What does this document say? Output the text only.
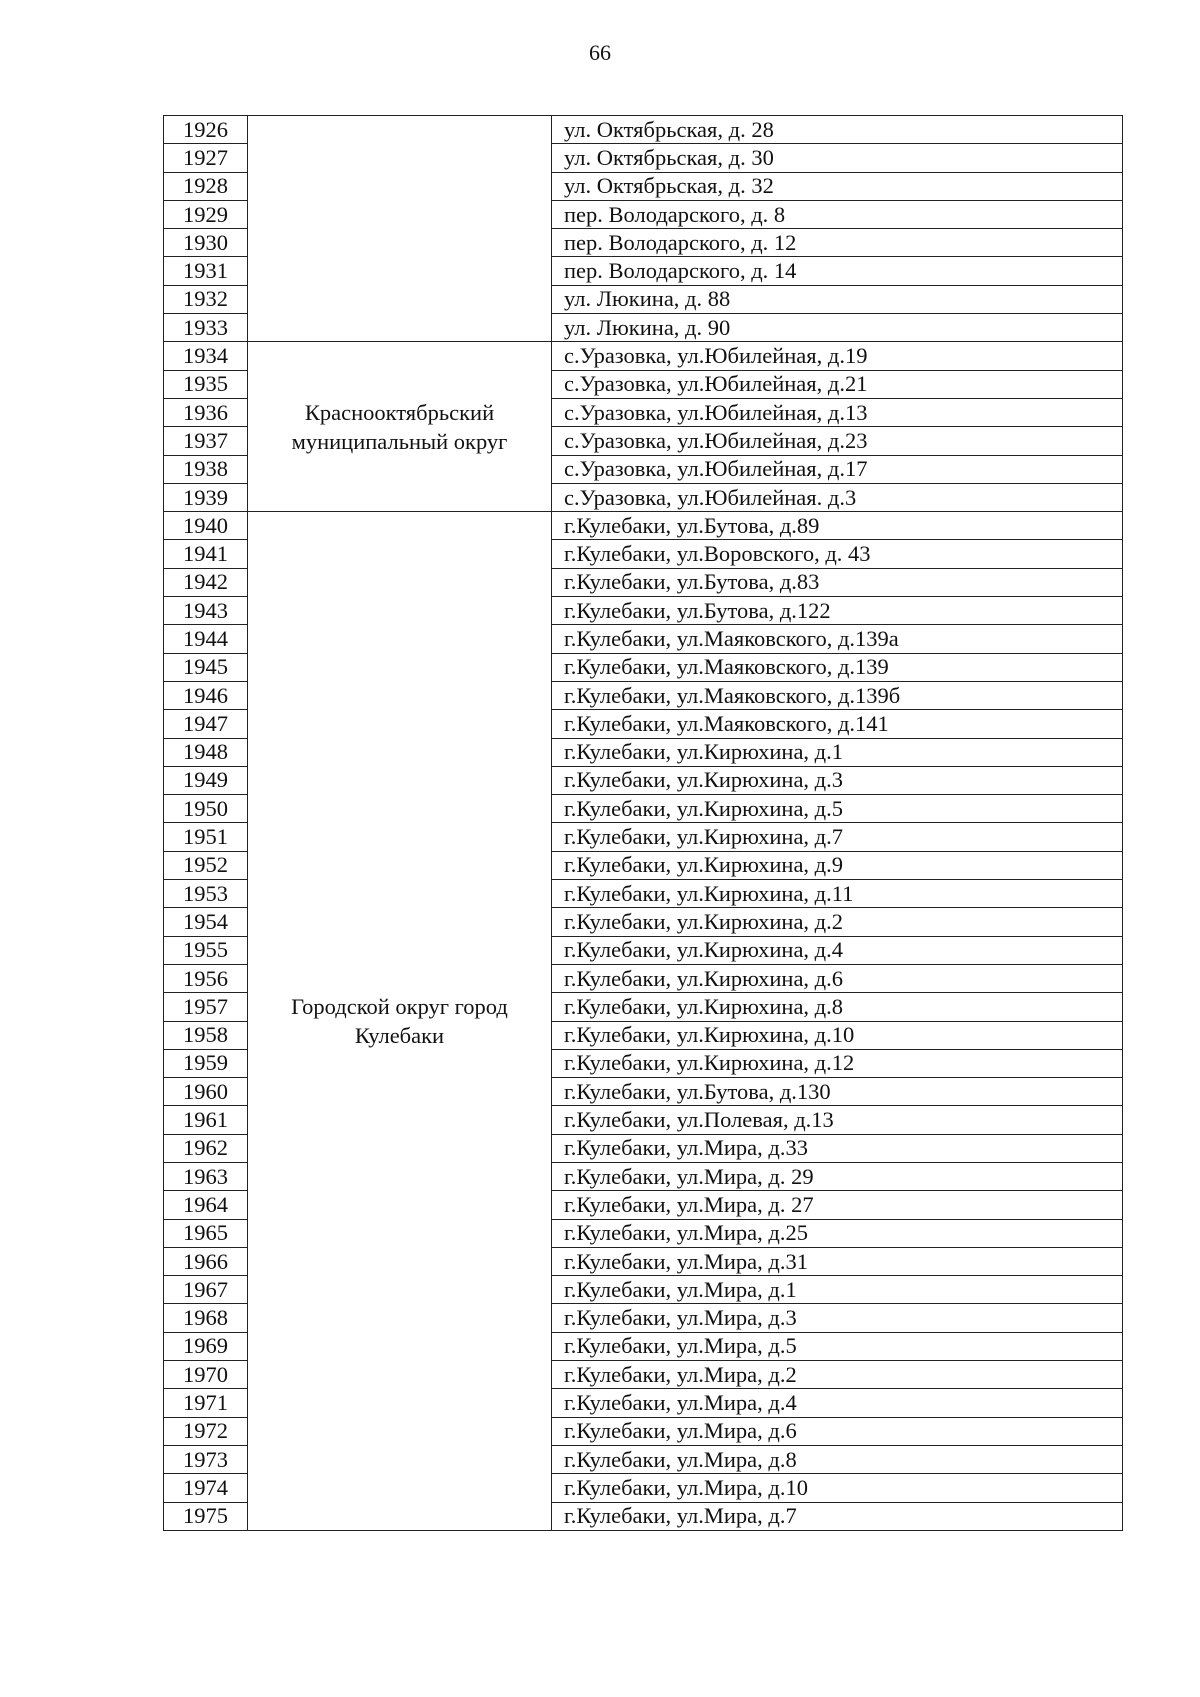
66
1926		ул. Октябрьская, д. 28
1927		ул. Октябрьская, д. 30
1928		ул. Октябрьская, д. 32
1929		пер. Володарского, д. 8
1930		пер. Володарского, д. 12
1931		пер. Володарского, д. 14
1932		ул. Люкина, д. 88
1933		ул. Люкина, д. 90
1934	Краснооктябрьский муниципальный округ	с.Уразовка, ул.Юбилейная, д.19
1935		с.Уразовка, ул.Юбилейная, д.21
1936		с.Уразовка, ул.Юбилейная, д.13
1937		с.Уразовка, ул.Юбилейная, д.23
1938		с.Уразовка, ул.Юбилейная, д.17
1939		с.Уразовка, ул.Юбилейная. д.3
1940	Городской округ город Кулебаки	г.Кулебаки, ул.Бутова, д.89
1941		г.Кулебаки, ул.Воровского, д. 43
1942		г.Кулебаки, ул.Бутова, д.83
1943		г.Кулебаки, ул.Бутова, д.122
1944		г.Кулебаки, ул.Маяковского, д.139а
1945		г.Кулебаки, ул.Маяковского, д.139
1946		г.Кулебаки, ул.Маяковского, д.139б
1947		г.Кулебаки, ул.Маяковского, д.141
1948		г.Кулебаки, ул.Кирюхина, д.1
1949		г.Кулебаки, ул.Кирюхина, д.3
1950		г.Кулебаки, ул.Кирюхина, д.5
1951		г.Кулебаки, ул.Кирюхина, д.7
1952		г.Кулебаки, ул.Кирюхина, д.9
1953		г.Кулебаки, ул.Кирюхина, д.11
1954		г.Кулебаки, ул.Кирюхина, д.2
1955		г.Кулебаки, ул.Кирюхина, д.4
1956		г.Кулебаки, ул.Кирюхина, д.6
1957		г.Кулебаки, ул.Кирюхина, д.8
1958		г.Кулебаки, ул.Кирюхина, д.10
1959		г.Кулебаки, ул.Кирюхина, д.12
1960		г.Кулебаки, ул.Бутова, д.130
1961		г.Кулебаки, ул.Полевая, д.13
1962		г.Кулебаки, ул.Мира, д.33
1963		г.Кулебаки, ул.Мира, д. 29
1964		г.Кулебаки, ул.Мира, д. 27
1965		г.Кулебаки, ул.Мира, д.25
1966		г.Кулебаки, ул.Мира, д.31
1967		г.Кулебаки, ул.Мира, д.1
1968		г.Кулебаки, ул.Мира, д.3
1969		г.Кулебаки, ул.Мира, д.5
1970		г.Кулебаки, ул.Мира, д.2
1971		г.Кулебаки, ул.Мира, д.4
1972		г.Кулебаки, ул.Мира, д.6
1973		г.Кулебаки, ул.Мира, д.8
1974		г.Кулебаки, ул.Мира, д.10
1975		г.Кулебаки, ул.Мира, д.7
